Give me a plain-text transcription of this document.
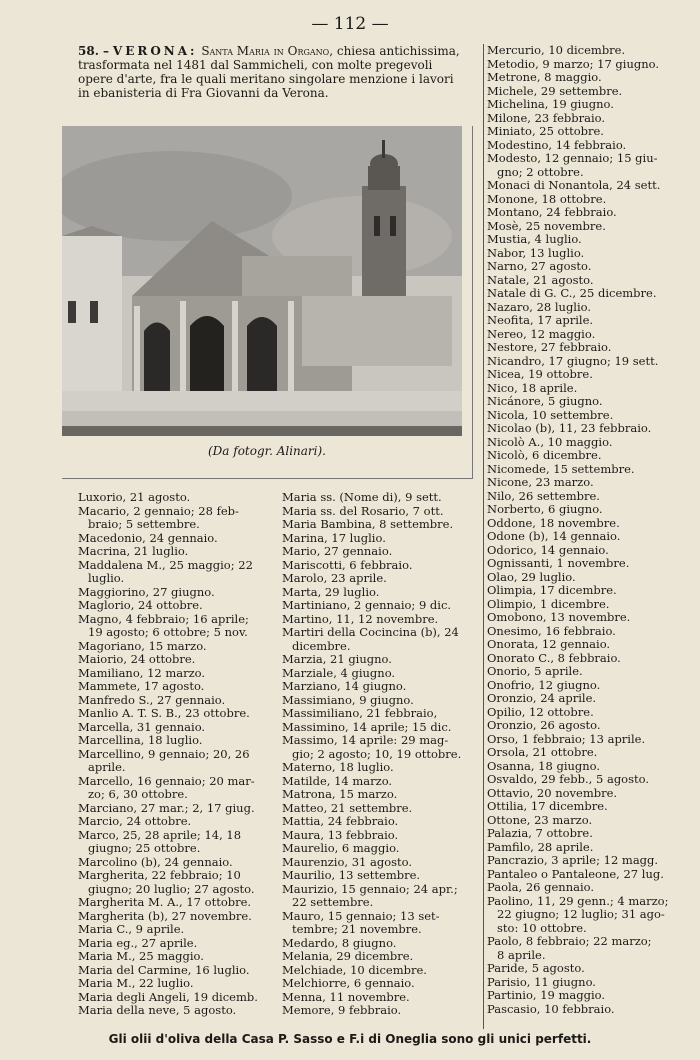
— 112 —
58. – VERONA: Santa Maria in Organo, chiesa antichissima, trasformata nel 1481 dal Sammicheli, con molte pregevoli opere d'arte, fra le quali meritano singolare menzione i lavori in ebanisteria di Fra Giovanni da Verona.
(Da fotogr. Alinari).
Luxorio, 21 agosto.
Macario, 2 gennaio; 28 feb-
braio; 5 settembre.
Macedonio, 24 gennaio.
Macrina, 21 luglio.
Maddalena M., 25 maggio; 22
luglio.
Maggiorino, 27 giugno.
Maglorio, 24 ottobre.
Magno, 4 febbraio; 16 aprile;
19 agosto; 6 ottobre; 5 nov.
Magoriano, 15 marzo.
Maiorio, 24 ottobre.
Mamiliano, 12 marzo.
Mammete, 17 agosto.
Manfredo S., 27 gennaio.
Manlio A. T. S. B., 23 ottobre.
Marcella, 31 gennaio.
Marcellina, 18 luglio.
Marcellino, 9 gennaio; 20, 26
aprile.
Marcello, 16 gennaio; 20 mar-
zo; 6, 30 ottobre.
Marciano, 27 mar.; 2, 17 giug.
Marcio, 24 ottobre.
Marco, 25, 28 aprile; 14, 18
giugno; 25 ottobre.
Marcolino (b), 24 gennaio.
Margherita, 22 febbraio; 10
giugno; 20 luglio; 27 agosto.
Margherita M. A., 17 ottobre.
Margherita (b), 27 novembre.
Maria C., 9 aprile.
Maria eg., 27 aprile.
Maria M., 25 maggio.
Maria del Carmine, 16 luglio.
Maria M., 22 luglio.
Maria degli Angeli, 19 dicemb.
Maria della neve, 5 agosto.
Maria ss. (Nome di), 9 sett.
Maria ss. del Rosario, 7 ott.
Maria Bambina, 8 settembre.
Marina, 17 luglio.
Mario, 27 gennaio.
Mariscotti, 6 febbraio.
Marolo, 23 aprile.
Marta, 29 luglio.
Martiniano, 2 gennaio; 9 dic.
Martino, 11, 12 novembre.
Martiri della Cocincina (b), 24
dicembre.
Marzia, 21 giugno.
Marziale, 4 giugno.
Marziano, 14 giugno.
Massimiano, 9 giugno.
Massimiliano, 21 febbraio,
Massimino, 14 aprile; 15 dic.
Massimo, 14 aprile: 29 mag-
gio; 2 agosto; 10, 19 ottobre.
Materno, 18 luglio.
Matilde, 14 marzo.
Matrona, 15 marzo.
Matteo, 21 settembre.
Mattia, 24 febbraio.
Maura, 13 febbraio.
Maurelio, 6 maggio.
Maurenzio, 31 agosto.
Maurilio, 13 settembre.
Maurizio, 15 gennaio; 24 apr.;
22 settembre.
Mauro, 15 gennaio; 13 set-
tembre; 21 novembre.
Medardo, 8 giugno.
Melania, 29 dicembre.
Melchiade, 10 dicembre.
Melchiorre, 6 gennaio.
Menna, 11 novembre.
Memore, 9 febbraio.
Mercurio, 10 dicembre.
Metodio, 9 marzo; 17 giugno.
Metrone, 8 maggio.
Michele, 29 settembre.
Michelina, 19 giugno.
Milone, 23 febbraio.
Miniato, 25 ottobre.
Modestino, 14 febbraio.
Modesto, 12 gennaio; 15 giu-
gno; 2 ottobre.
Monaci di Nonantola, 24 sett.
Monone, 18 ottobre.
Montano, 24 febbraio.
Mosè, 25 novembre.
Mustia, 4 luglio.
Nabor, 13 luglio.
Narno, 27 agosto.
Natale, 21 agosto.
Natale di G. C., 25 dicembre.
Nazaro, 28 luglio.
Neofita, 17 aprile.
Nereo, 12 maggio.
Nestore, 27 febbraio.
Nicandro, 17 giugno; 19 sett.
Nicea, 19 ottobre.
Nico, 18 aprile.
Nicánore, 5 giugno.
Nicola, 10 settembre.
Nicolao (b), 11, 23 febbraio.
Nicolò A., 10 maggio.
Nicolò, 6 dicembre.
Nicomede, 15 settembre.
Nicone, 23 marzo.
Nilo, 26 settembre.
Norberto, 6 giugno.
Oddone, 18 novembre.
Odone (b), 14 gennaio.
Odorico, 14 gennaio.
Ognissanti, 1 novembre.
Olao, 29 luglio.
Olimpia, 17 dicembre.
Olimpio, 1 dicembre.
Omobono, 13 novembre.
Onesimo, 16 febbraio.
Onorata, 12 gennaio.
Onorato C., 8 febbraio.
Onorio, 5 aprile.
Onofrio, 12 giugno.
Oronzio, 24 aprile.
Opilio, 12 ottobre.
Oronzio, 26 agosto.
Orso, 1 febbraio; 13 aprile.
Orsola, 21 ottobre.
Osanna, 18 giugno.
Osvaldo, 29 febb., 5 agosto.
Ottavio, 20 novembre.
Ottilia, 17 dicembre.
Ottone, 23 marzo.
Palazia, 7 ottobre.
Pamfilo, 28 aprile.
Pancrazio, 3 aprile; 12 magg.
Pantaleo o Pantaleone, 27 lug.
Paola, 26 gennaio.
Paolino, 11, 29 genn.; 4 marzo;
22 giugno; 12 luglio; 31 ago-
sto: 10 ottobre.
Paolo, 8 febbraio; 22 marzo;
8 aprile.
Paride, 5 agosto.
Parisio, 11 giugno.
Partinio, 19 maggio.
Pascasio, 10 febbraio.
Gli olii d'oliva della Casa P. Sasso e F.i di Oneglia sono gli unici perfetti.
